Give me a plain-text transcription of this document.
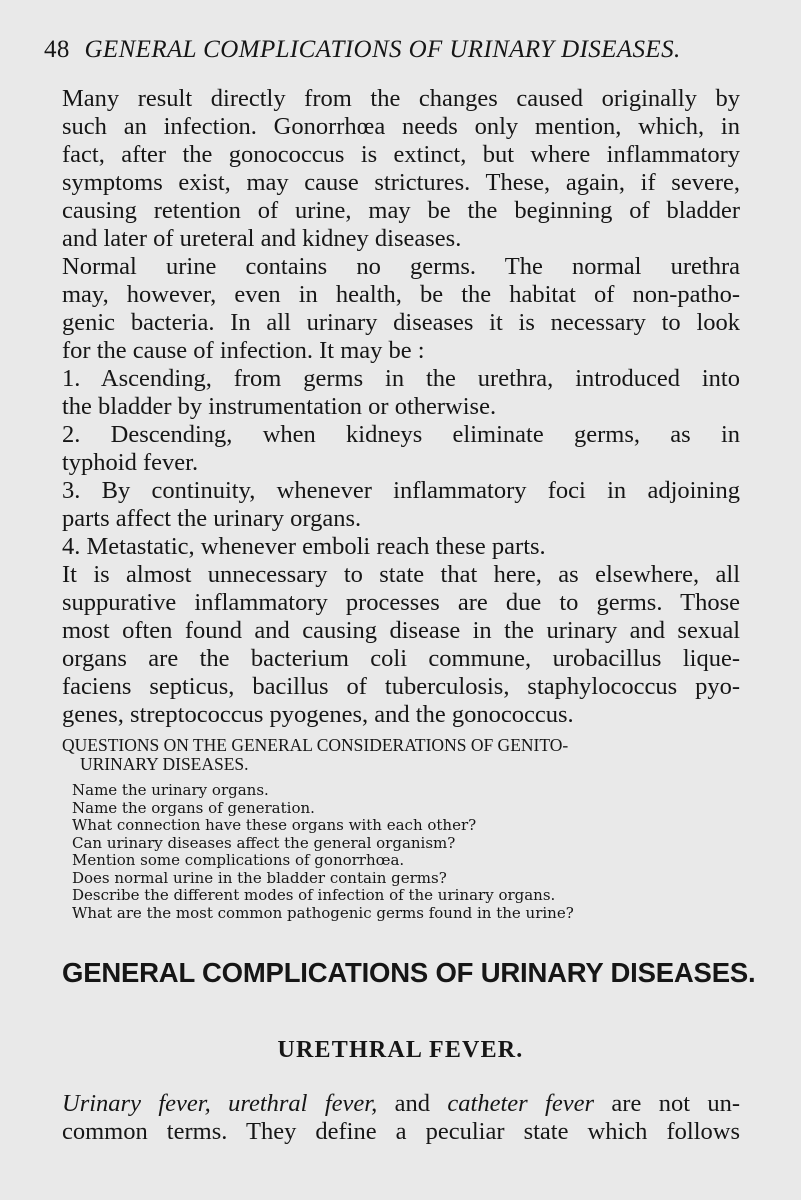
48 GENERAL COMPLICATIONS OF URINARY DISEASES.
Many result directly from the changes caused originally by
such an infection. Gonorrhœa needs only mention, which, in
fact, after the gonococcus is extinct, but where inflammatory
symptoms exist, may cause strictures. These, again, if severe,
causing retention of urine, may be the beginning of bladder
and later of ureteral and kidney diseases.
Normal urine contains no germs. The normal urethra
may, however, even in health, be the habitat of non-patho-
genic bacteria. In all urinary diseases it is necessary to look
for the cause of infection. It may be :
1. Ascending, from germs in the urethra, introduced into
the bladder by instrumentation or otherwise.
2. Descending, when kidneys eliminate germs, as in
typhoid fever.
3. By continuity, whenever inflammatory foci in adjoining
parts affect the urinary organs.
4. Metastatic, whenever emboli reach these parts.
It is almost unnecessary to state that here, as elsewhere, all
suppurative inflammatory processes are due to germs. Those
most often found and causing disease in the urinary and sexual
organs are the bacterium coli commune, urobacillus lique-
faciens septicus, bacillus of tuberculosis, staphylococcus pyo-
genes, streptococcus pyogenes, and the gonococcus.
QUESTIONS ON THE GENERAL CONSIDERATIONS OF GENITO-
URINARY DISEASES.
Name the urinary organs.
Name the organs of generation.
What connection have these organs with each other?
Can urinary diseases affect the general organism?
Mention some complications of gonorrhœa.
Does normal urine in the bladder contain germs?
Describe the different modes of infection of the urinary organs.
What are the most common pathogenic germs found in the urine?
GENERAL COMPLICATIONS OF URINARY DISEASES.
URETHRAL FEVER.
Urinary fever, urethral fever, and catheter fever are not un-
common terms. They define a peculiar state which follows
